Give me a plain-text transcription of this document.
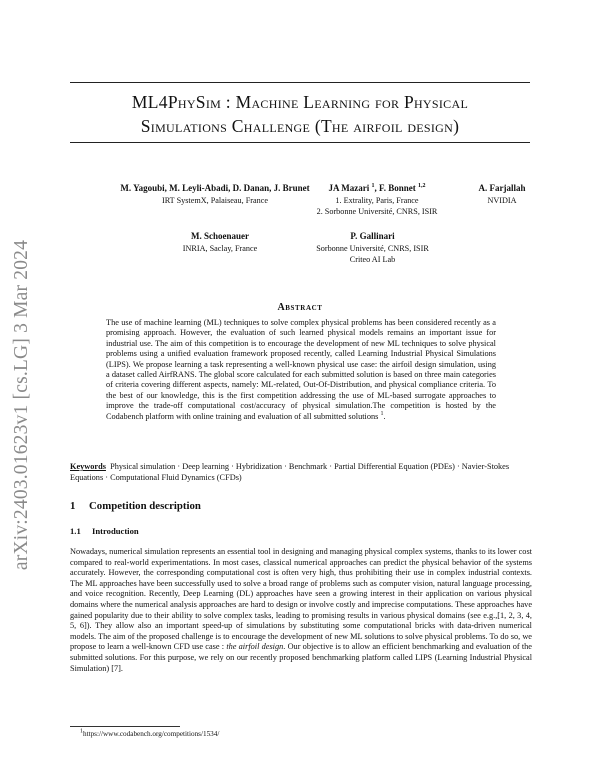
arXiv:2403.01623v1 [cs.LG] 3 Mar 2024
ML4PhySim : Machine Learning for Physical
Simulations Challenge (The airfoil design)
M. Yagoubi, M. Leyli-Abadi, D. Danan, J. Brunet
IRT SystemX, Palaiseau, France
JA Mazari $^1$, F. Bonnet $^{1,2}$
1. Extrality, Paris, France
2. Sorbonne Université, CNRS, ISIR
A. Farjallah
NVIDIA
M. Schoenauer
INRIA, Saclay, France
P. Gallinari
Sorbonne Université, CNRS, ISIR
Criteo AI Lab
Abstract
The use of machine learning (ML) techniques to solve complex physical problems has been considered recently as a promising approach. However, the evaluation of such learned physical models remains an important issue for industrial use. The aim of this competition is to encourage the development of new ML techniques to solve physical problems using a unified evaluation framework proposed recently, called Learning Industrial Physical Simulations (LIPS). We propose learning a task representing a well-known physical use case: the airfoil design simulation, using a dataset called AirfRANS. The global score calculated for each submitted solution is based on three main categories of criteria covering different aspects, namely: ML-related, Out-Of-Distribution, and physical compliance criteria. To the best of our knowledge, this is the first competition addressing the use of ML-based surrogate approaches to improve the trade-off computational cost/accuracy of physical simulation.The competition is hosted by the Codabench platform with online training and evaluation of all submitted solutions $^1$.
Keywords Physical simulation · Deep learning · Hybridization · Benchmark · Partial Differential Equation (PDEs) · Navier-Stokes Equations · Computational Fluid Dynamics (CFDs)
1 Competition description
1.1 Introduction
Nowadays, numerical simulation represents an essential tool in designing and managing physical complex systems, thanks to its lower cost compared to real-world experimentations. In most cases, classical numerical approaches can predict the physical behavior of the systems accurately. However, the corresponding computational cost is often very high, thus prohibiting their use in complex industrial contexts. The ML approaches have been successfully used to solve a broad range of problems such as computer vision, natural language processing, and voice recognition. Recently, Deep Learning (DL) approaches have seen a growing interest in their application on various physical domains where the numerical analysis approaches are hard to design or involve costly and imprecise computations. These approaches have gained popularity due to their ability to solve complex tasks, leading to promising results in various physical domains (see e.g.,[1, 2, 3, 4, 5, 6]). They allow also an important speed-up of simulations by substituting some computational bricks with data-driven numerical models. The aim of the proposed challenge is to encourage the development of new ML solutions to solve physical problems. To do so, we propose to learn a well-known CFD use case : the airfoil design. Our objective is to allow an efficient benchmarking and evaluation of the submitted solutions. For this purpose, we rely on our recently proposed benchmarking platform called LIPS (Learning Industrial Physical Simulation) [7].
$^1$https://www.codabench.org/competitions/1534/
